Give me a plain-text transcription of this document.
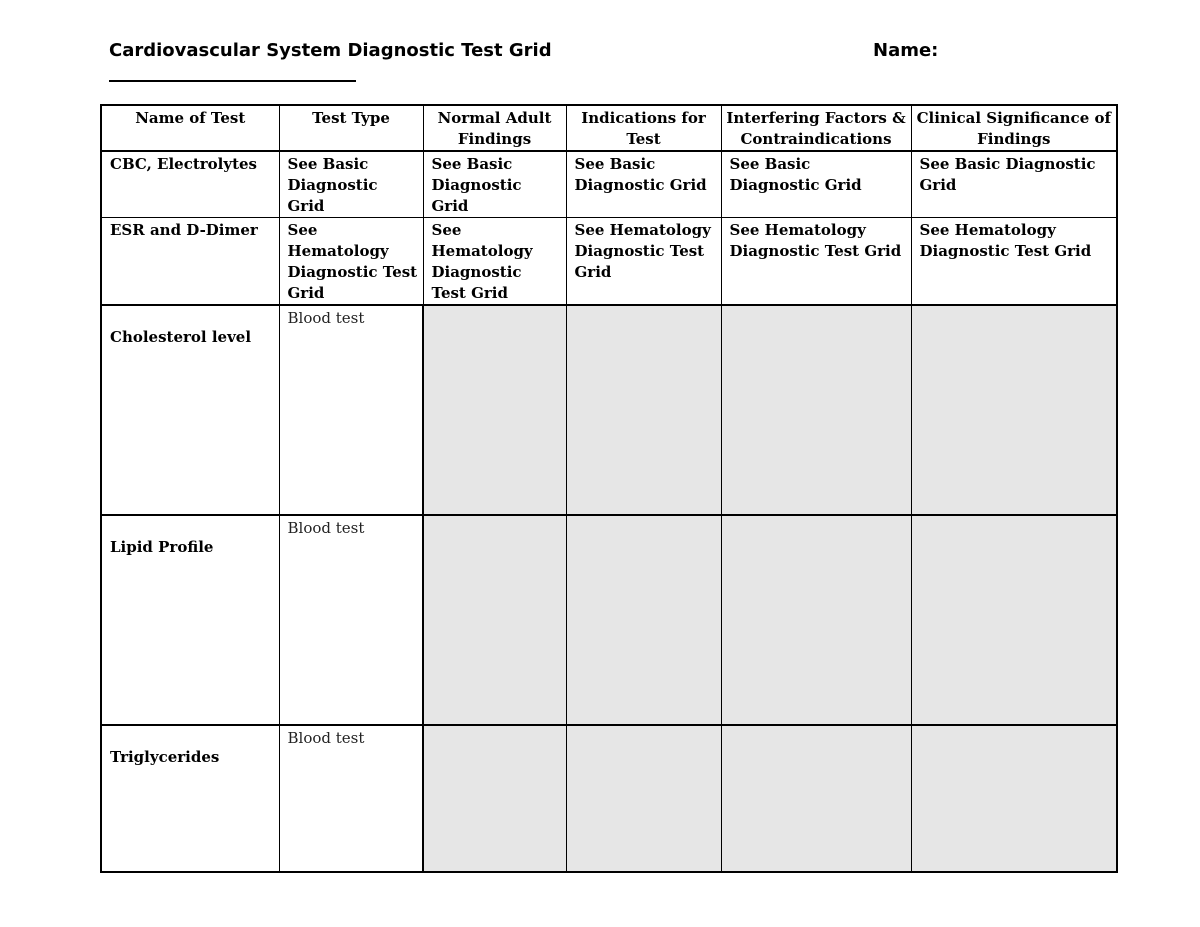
Cardiovascular System Diagnostic Test Grid	Name:
Name of Test	Test Type	Normal Adult Findings	Indications for Test	Interfering Factors & Contraindications	Clinical Significance of Findings
CBC, Electrolytes	See Basic Diagnostic Grid	See Basic Diagnostic Grid	See Basic Diagnostic Grid	See Basic Diagnostic Grid	See Basic Diagnostic Grid
ESR and D-Dimer	See Hematology Diagnostic Test Grid	See Hematology Diagnostic Test Grid	See Hematology Diagnostic Test Grid	See Hematology Diagnostic Test Grid	See Hematology Diagnostic Test Grid
Cholesterol level	Blood test				
Lipid Profile	Blood test				
Triglycerides	Blood test				
